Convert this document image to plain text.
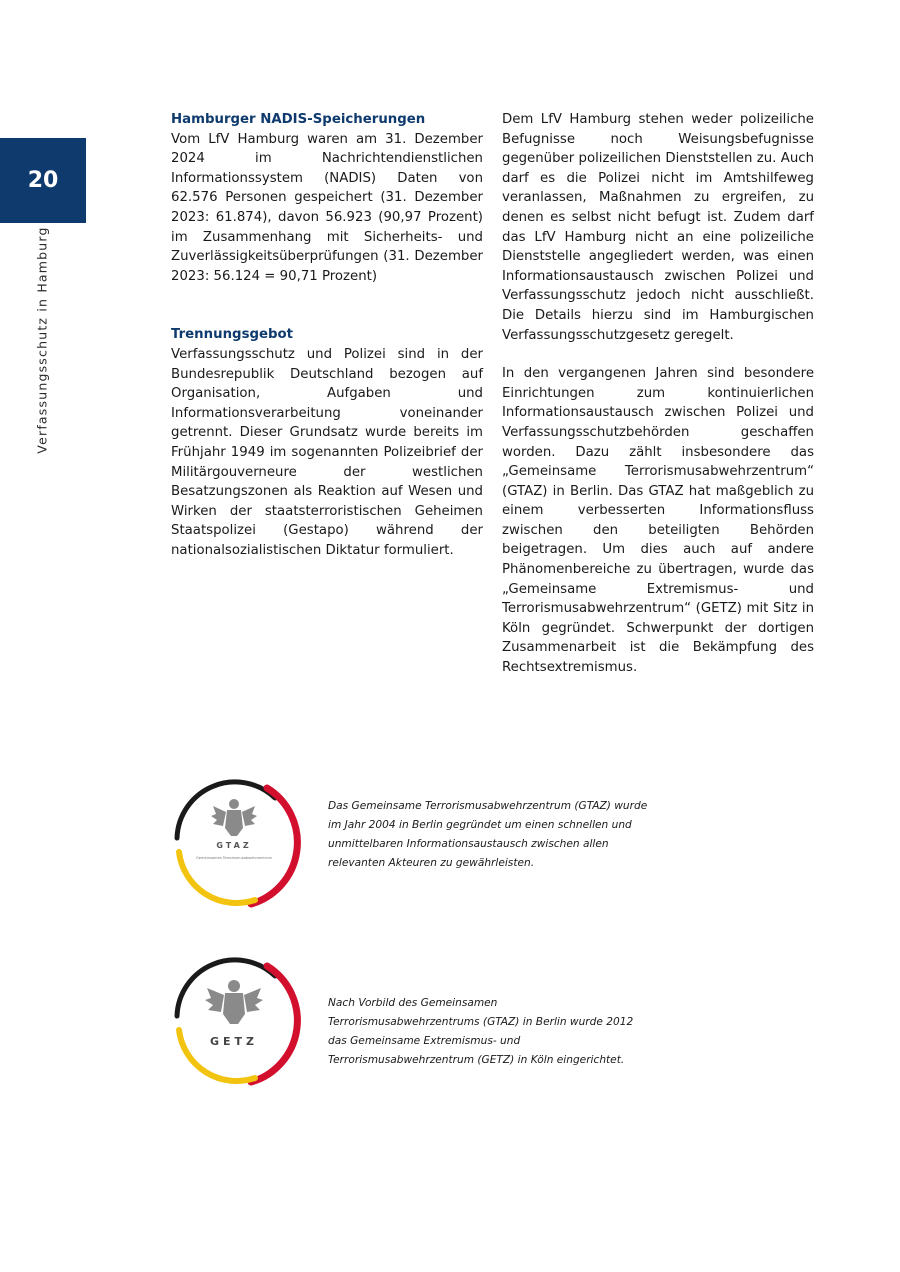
20
Verfassungsschutz in Hamburg
Hamburger NADIS-Speicherungen

Vom LfV Hamburg waren am 31. Dezember 2024 im Nachrichtendienstlichen Informationssystem (NADIS) Daten von 62.576 Personen gespeichert (31. Dezember 2023: 61.874), davon 56.923 (90,97 Prozent) im Zusammenhang mit Sicherheits- und Zuverlässigkeitsüberprüfungen (31. Dezember 2023: 56.124 = 90,71 Prozent)

Trennungsgebot

Verfassungsschutz und Polizei sind in der Bundesrepublik Deutschland bezogen auf Organisation, Aufgaben und Informationsverarbeitung voneinander getrennt. Dieser Grundsatz wurde bereits im Frühjahr 1949 im sogenannten Polizeibrief der Militärgouverneure der westlichen Besatzungszonen als Reaktion auf Wesen und Wirken der staatsterroristischen Geheimen Staatspolizei (Gestapo) während der nationalsozialistischen Diktatur formuliert.

Dem LfV Hamburg stehen weder polizeiliche Befugnisse noch Weisungsbefugnisse gegenüber polizeilichen Dienststellen zu. Auch darf es die Polizei nicht im Amtshilfeweg veranlassen, Maßnahmen zu ergreifen, zu denen es selbst nicht befugt ist. Zudem darf das LfV Hamburg nicht an eine polizeiliche Dienststelle angegliedert werden, was einen Informationsaustausch zwischen Polizei und Verfassungsschutz jedoch nicht ausschließt. Die Details hierzu sind im Hamburgischen Verfassungsschutzgesetz geregelt.

In den vergangenen Jahren sind besondere Einrichtungen zum kontinuierlichen Informationsaustausch zwischen Polizei und Verfassungsschutzbehörden geschaffen worden. Dazu zählt insbesondere das „Gemeinsame Terrorismusabwehrzentrum“ (GTAZ) in Berlin. Das GTAZ hat maßgeblich zu einem verbesserten Informationsfluss zwischen den beteiligten Behörden beigetragen. Um dies auch auf andere Phänomenbereiche zu übertragen, wurde das „Gemeinsame Extremismus- und Terrorismusabwehrzentrum“ (GETZ) mit Sitz in Köln gegründet. Schwerpunkt der dortigen Zusammenarbeit ist die Bekämpfung des Rechtsextremismus.

GTAZ
Gemeinsames Terrorismusabwehrzentrum
Das Gemeinsame Terrorismusabwehrzentrum (GTAZ) wurde im Jahr 2004 in Berlin gegründet um einen schnellen und unmittelbaren Informationsaustausch zwischen allen relevanten Akteuren zu gewährleisten.
GETZ
Nach Vorbild des Gemeinsamen Terrorismusabwehrzentrums (GTAZ) in Berlin wurde 2012 das Gemeinsame Extremismus- und Terrorismusabwehrzentrum (GETZ) in Köln eingerichtet.
